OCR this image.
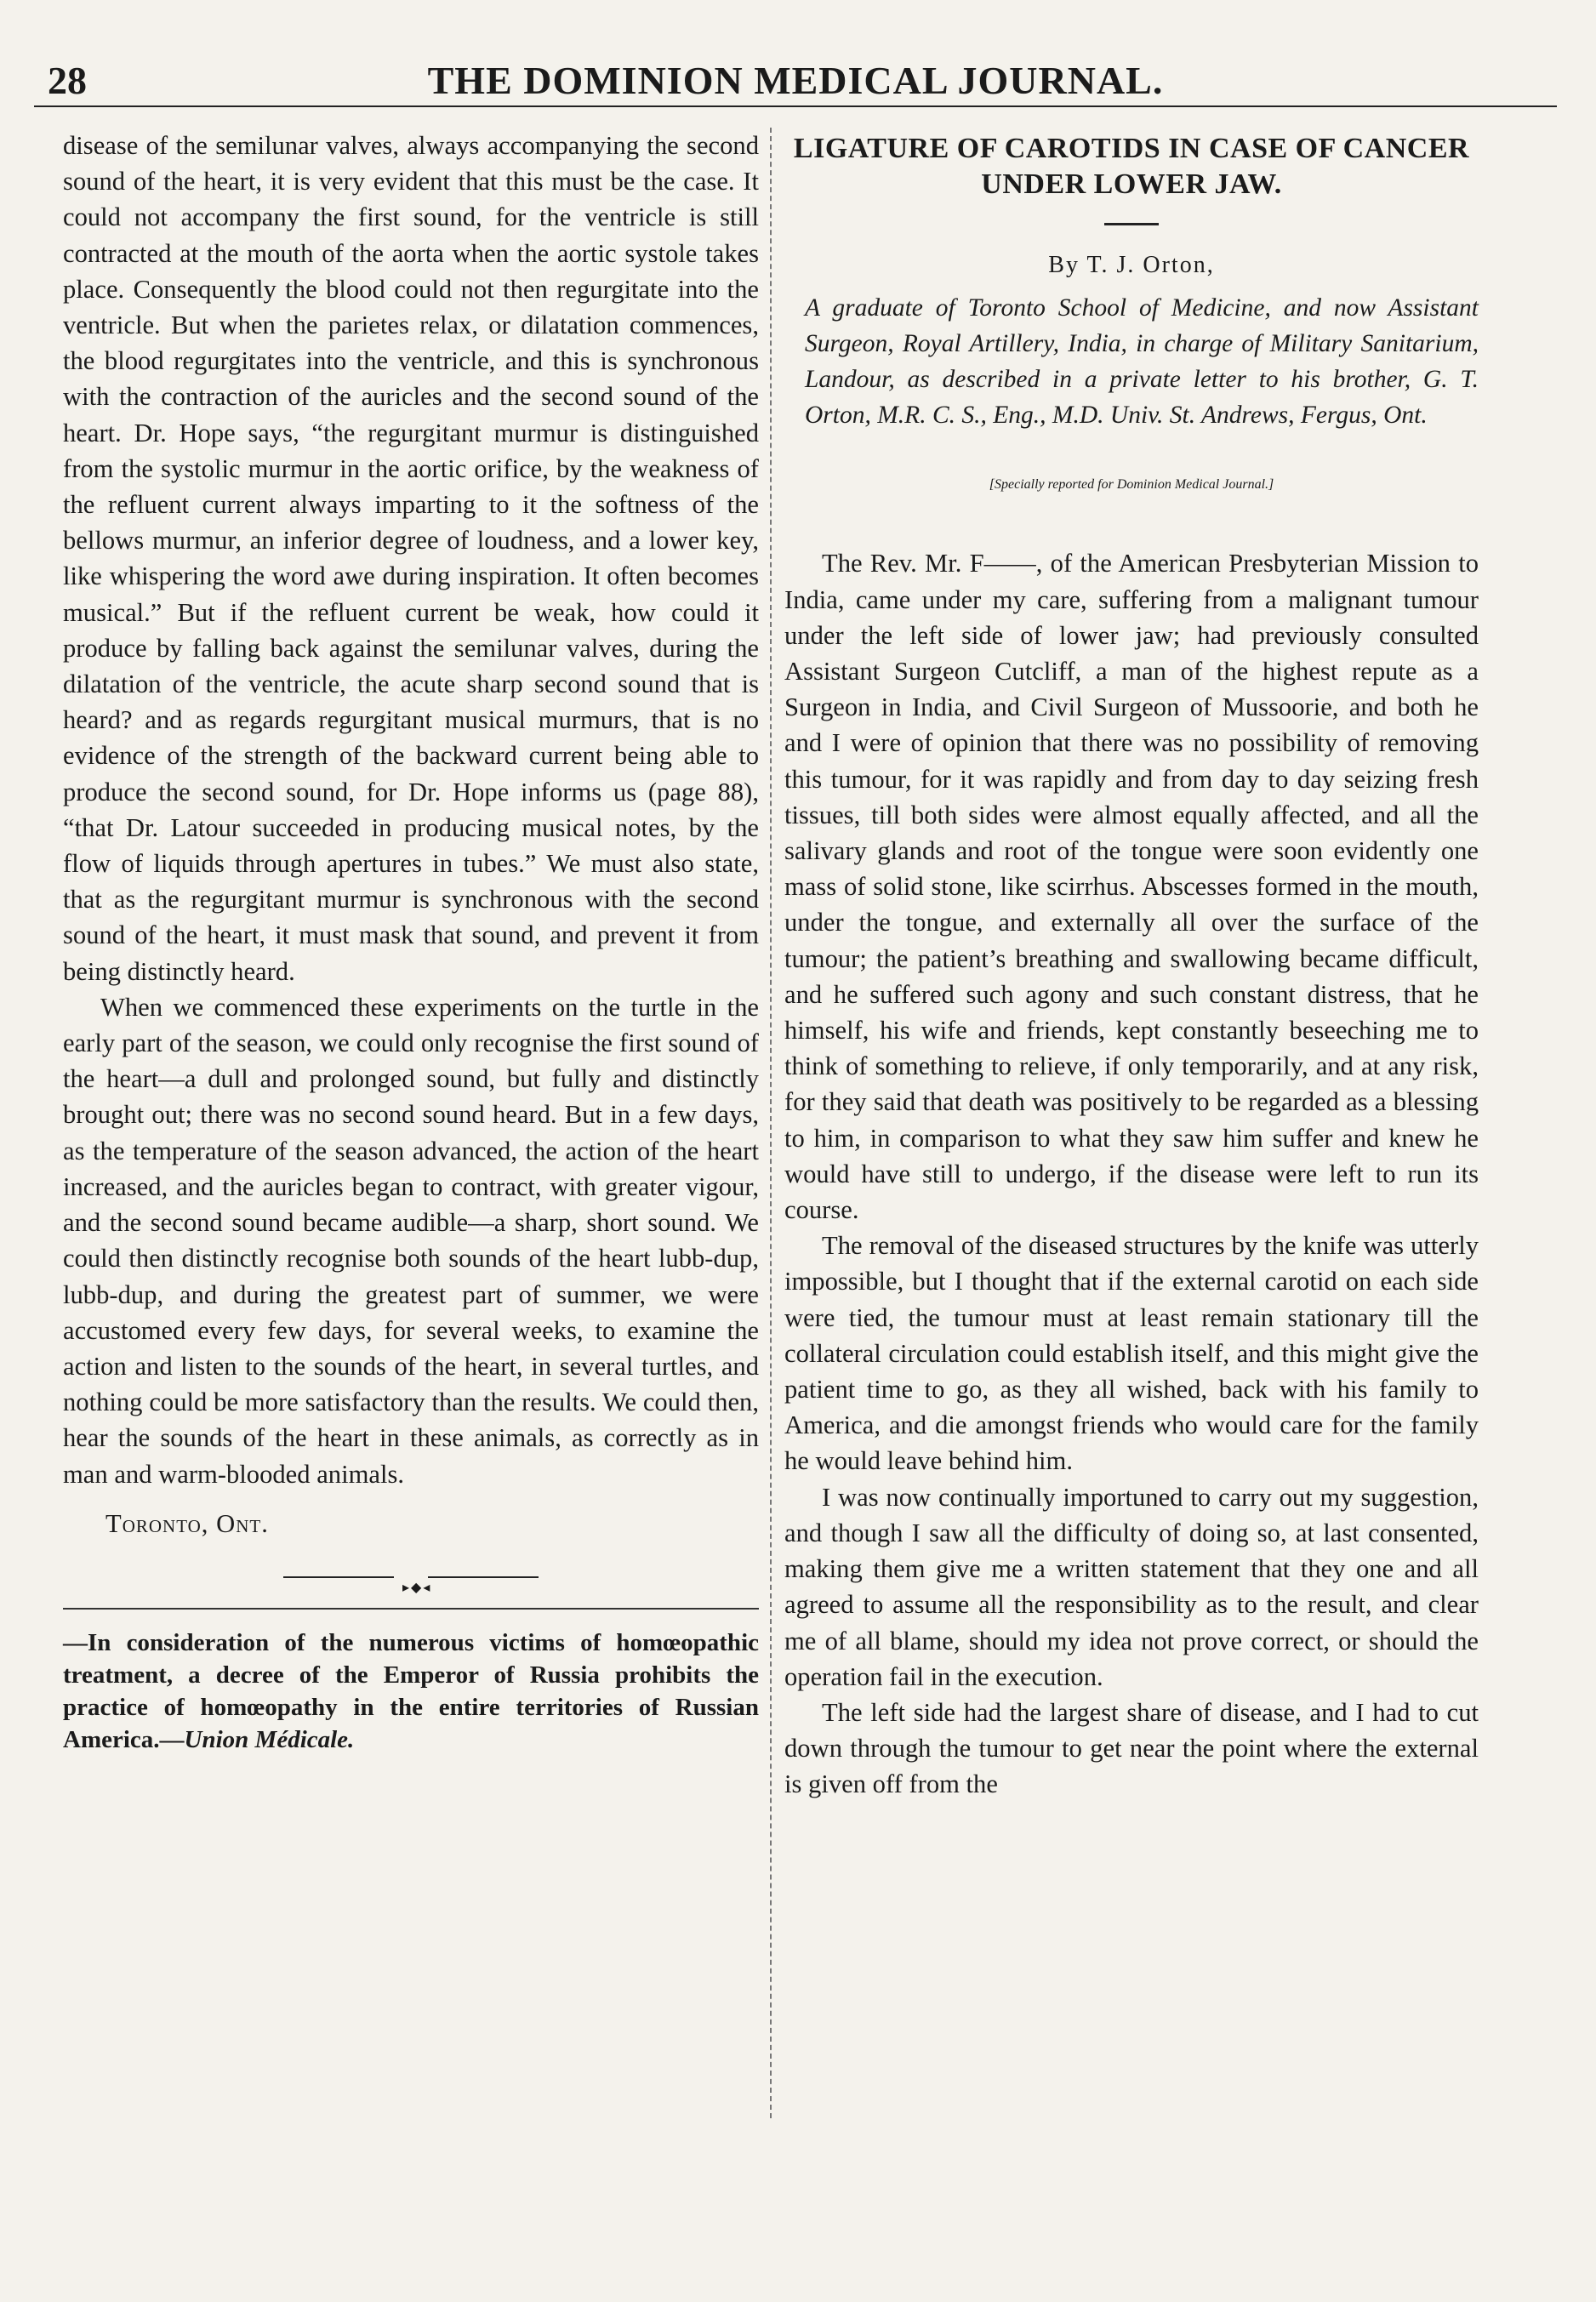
28	THE DOMINION MEDICAL JOURNAL.

disease of the semilunar valves, always accompanying the second sound of the heart, it is very evident that this must be the case. It could not accompany the first sound, for the ventricle is still contracted at the mouth of the aorta when the aortic systole takes place. Consequently the blood could not then regurgitate into the ventricle. But when the parietes relax, or dilatation commences, the blood regurgitates into the ventricle, and this is synchronous with the contraction of the auricles and the second sound of the heart. Dr. Hope says, “the regurgitant murmur is distinguished from the systolic murmur in the aortic orifice, by the weakness of the refluent current always imparting to it the softness of the bellows murmur, an inferior degree of loudness, and a lower key, like whispering the word awe during inspiration. It often becomes musical.” But if the refluent current be weak, how could it produce by falling back against the semilunar valves, during the dilatation of the ventricle, the acute sharp second sound that is heard? and as regards regurgitant musical murmurs, that is no evidence of the strength of the backward current being able to produce the second sound, for Dr. Hope informs us (page 88), “that Dr. Latour succeeded in producing musical notes, by the flow of liquids through apertures in tubes.” We must also state, that as the regurgitant murmur is synchronous with the second sound of the heart, it must mask that sound, and prevent it from being distinctly heard.

When we commenced these experiments on the turtle in the early part of the season, we could only recognise the first sound of the heart—a dull and prolonged sound, but fully and distinctly brought out; there was no second sound heard. But in a few days, as the temperature of the season advanced, the action of the heart increased, and the auricles began to contract, with greater vigour, and the second sound became audible—a sharp, short sound. We could then distinctly recognise both sounds of the heart lubb-dup, lubb-dup, and during the greatest part of summer, we were accustomed every few days, for several weeks, to examine the action and listen to the sounds of the heart, in several turtles, and nothing could be more satisfactory than the results. We could then, hear the sounds of the heart in these animals, as correctly as in man and warm-blooded animals.

Toronto, Ont.

▸◆◂

—In consideration of the numerous victims of homœopathic treatment, a decree of the Emperor of Russia prohibits the practice of homœopathy in the entire territories of Russian America.—Union Médicale.

LIGATURE OF CAROTIDS IN CASE OF CANCER UNDER LOWER JAW.

By T. J. Orton,

A graduate of Toronto School of Medicine, and now Assistant Surgeon, Royal Artillery, India, in charge of Military Sanitarium, Landour, as described in a private letter to his brother, G. T. Orton, M.R. C. S., Eng., M.D. Univ. St. Andrews, Fergus, Ont.

[Specially reported for Dominion Medical Journal.]

The Rev. Mr. F——, of the American Presbyterian Mission to India, came under my care, suffering from a malignant tumour under the left side of lower jaw; had previously consulted Assistant Surgeon Cutcliff, a man of the highest repute as a Surgeon in India, and Civil Surgeon of Mussoorie, and both he and I were of opinion that there was no possibility of removing this tumour, for it was rapidly and from day to day seizing fresh tissues, till both sides were almost equally affected, and all the salivary glands and root of the tongue were soon evidently one mass of solid stone, like scirrhus. Abscesses formed in the mouth, under the tongue, and externally all over the surface of the tumour; the patient’s breathing and swallowing became difficult, and he suffered such agony and such constant distress, that he himself, his wife and friends, kept constantly beseeching me to think of something to relieve, if only temporarily, and at any risk, for they said that death was positively to be regarded as a blessing to him, in comparison to what they saw him suffer and knew he would have still to undergo, if the disease were left to run its course.

The removal of the diseased structures by the knife was utterly impossible, but I thought that if the external carotid on each side were tied, the tumour must at least remain stationary till the collateral circulation could establish itself, and this might give the patient time to go, as they all wished, back with his family to America, and die amongst friends who would care for the family he would leave behind him.

I was now continually importuned to carry out my suggestion, and though I saw all the difficulty of doing so, at last consented, making them give me a written statement that they one and all agreed to assume all the responsibility as to the result, and clear me of all blame, should my idea not prove correct, or should the operation fail in the execution.

The left side had the largest share of disease, and I had to cut down through the tumour to get near the point where the external is given off from the
